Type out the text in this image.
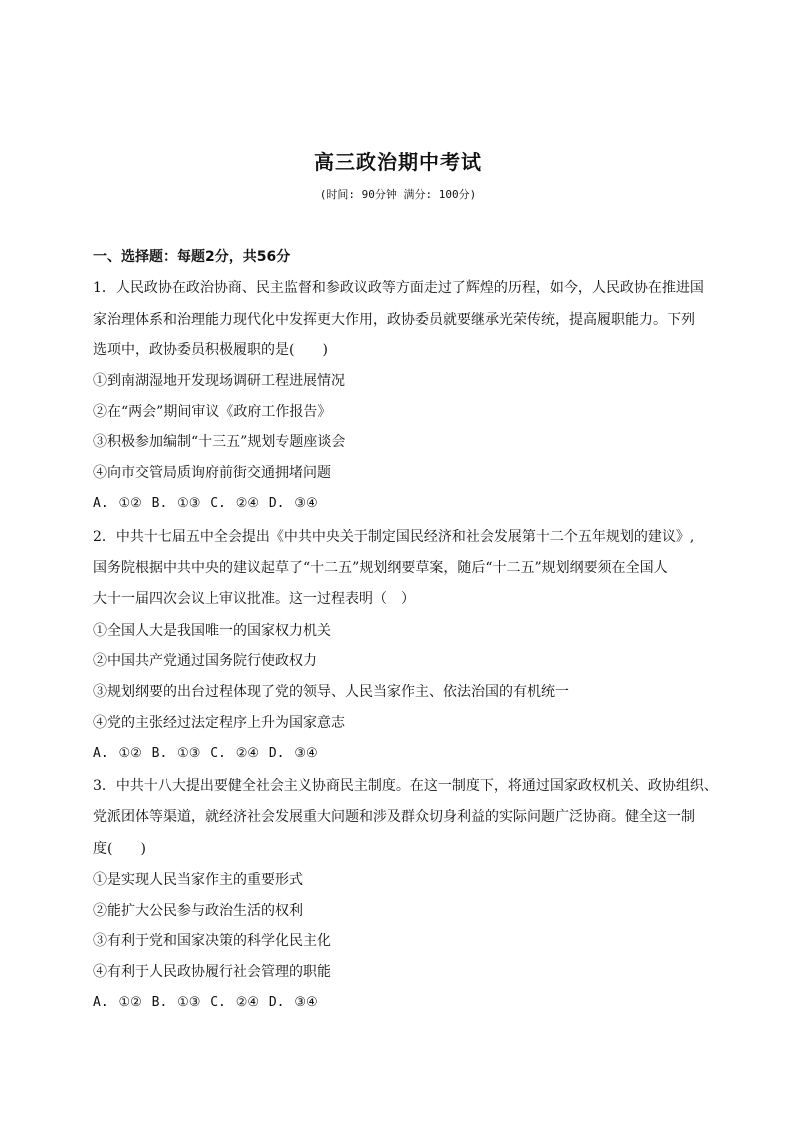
高三政治期中考试
(时间: 90分钟 满分: 100分)
一、选择题：每题2分，共56分
1．人民政协在政治协商、民主监督和参政议政等方面走过了辉煌的历程，如今，人民政协在推进国
家治理体系和治理能力现代化中发挥更大作用，政协委员就要继承光荣传统，提高履职能力。下列
选项中，政协委员积极履职的是(　　)
①到南湖湿地开发现场调研工程进展情况
②在“两会”期间审议《政府工作报告》
③积极参加编制“十三五”规划专题座谈会
④向市交管局质询府前街交通拥堵问题
A. ①② B. ①③ C. ②④ D. ③④
2．中共十七届五中全会提出《中共中央关于制定国民经济和社会发展第十二个五年规划的建议》,
国务院根据中共中央的建议起草了“十二五”规划纲要草案，随后“十二五”规划纲要须在全国人
大十一届四次会议上审议批准。这一过程表明（　）
①全国人大是我国唯一的国家权力机关
②中国共产党通过国务院行使政权力
③规划纲要的出台过程体现了党的领导、人民当家作主、依法治国的有机统一
④党的主张经过法定程序上升为国家意志
A. ①② B. ①③ C. ②④ D. ③④
3．中共十八大提出要健全社会主义协商民主制度。在这一制度下，将通过国家政权机关、政协组织、
党派团体等渠道，就经济社会发展重大问题和涉及群众切身利益的实际问题广泛协商。健全这一制
度(　　)
①是实现人民当家作主的重要形式
②能扩大公民参与政治生活的权利
③有利于党和国家决策的科学化民主化
④有利于人民政协履行社会管理的职能
A. ①② B. ①③ C. ②④ D. ③④
